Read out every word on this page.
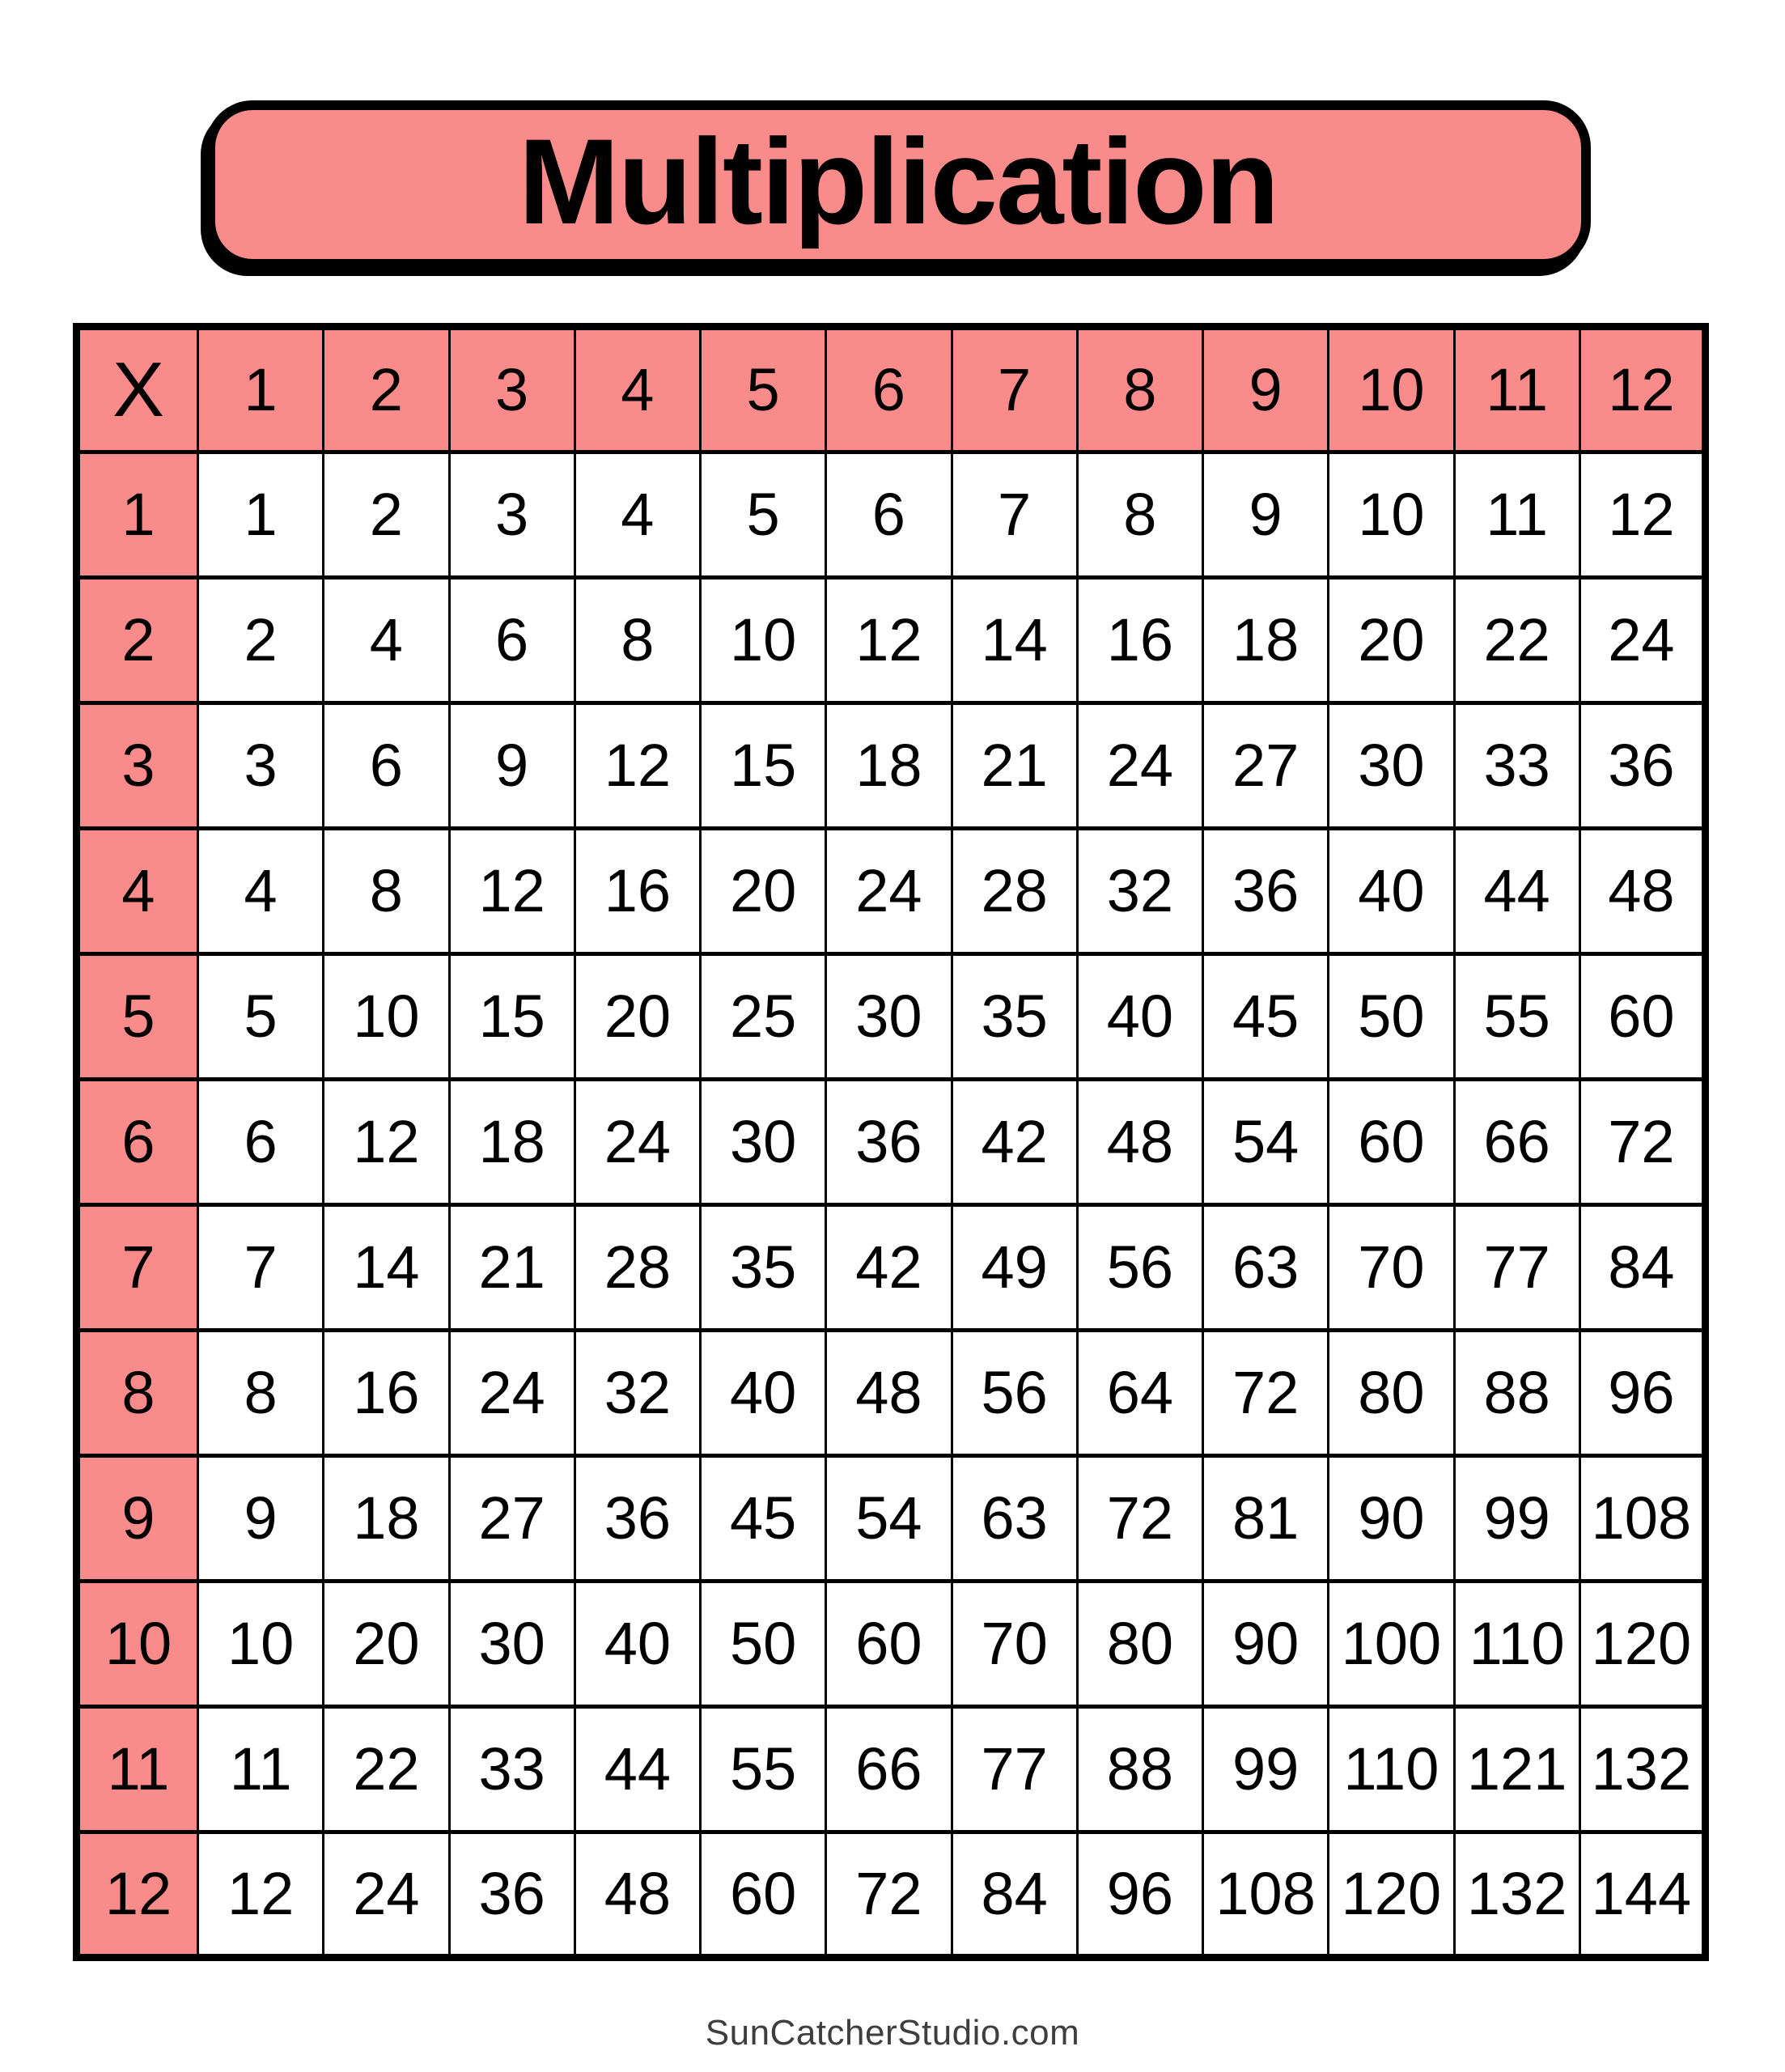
Multiplication
X	1	2	3	4	5	6	7	8	9	10	11	12
1	1	2	3	4	5	6	7	8	9	10	11	12
2	2	4	6	8	10	12	14	16	18	20	22	24
3	3	6	9	12	15	18	21	24	27	30	33	36
4	4	8	12	16	20	24	28	32	36	40	44	48
5	5	10	15	20	25	30	35	40	45	50	55	60
6	6	12	18	24	30	36	42	48	54	60	66	72
7	7	14	21	28	35	42	49	56	63	70	77	84
8	8	16	24	32	40	48	56	64	72	80	88	96
9	9	18	27	36	45	54	63	72	81	90	99	108
10	10	20	30	40	50	60	70	80	90	100	110	120
11	11	22	33	44	55	66	77	88	99	110	121	132
12	12	24	36	48	60	72	84	96	108	120	132	144
SunCatcherStudio.com
